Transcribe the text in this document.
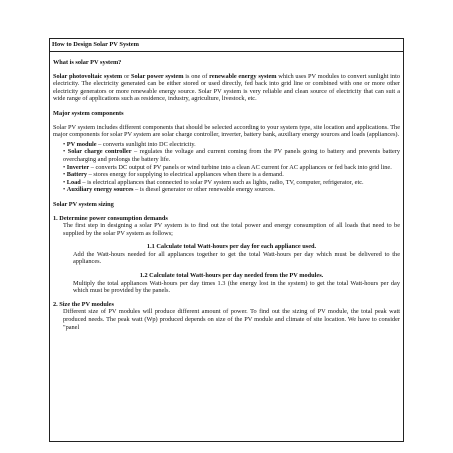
How to Design Solar PV System
What is solar PV system?
Solar photovoltaic system or Solar power system is one of renewable energy system which uses PV modules to convert sunlight into electricity. The electricity generated can be either stored or used directly, fed back into grid line or combined with one or more other electricity generators or more renewable energy source. Solar PV system is very reliable and clean source of electricity that can suit a wide range of applications such as residence, industry, agriculture, livestock, etc.
Major system components
Solar PV system includes different components that should be selected according to your system type, site location and applications. The major components for solar PV system are solar charge controller, inverter, battery bank, auxiliary energy sources and loads (appliances).
• PV module – converts sunlight into DC electricity.
• Solar charge controller – regulates the voltage and current coming from the PV panels going to battery and prevents battery overcharging and prolongs the battery life.
• Inverter – converts DC output of PV panels or wind turbine into a clean AC current for AC appliances or fed back into grid line.
• Battery – stores energy for supplying to electrical appliances when there is a demand.
• Load – is electrical appliances that connected to solar PV system such as lights, radio, TV, computer, refrigerator, etc.
• Auxiliary energy sources – is diesel generator or other renewable energy sources.
Solar PV system sizing
1. Determine power consumption demands
The first step in designing a solar PV system is to find out the total power and energy consumption of all loads that need to be supplied by the solar PV system as follows;
1.1 Calculate total Watt-hours per day for each appliance used.
Add the Watt-hours needed for all appliances together to get the total Watt-hours per day which must be delivered to the appliances.
1.2 Calculate total Watt-hours per day needed from the PV modules.
Multiply the total appliances Watt-hours per day times 1.3 (the energy lost in the system) to get the total Watt-hours per day which must be provided by the panels.
2. Size the PV modules
Different size of PV modules will produce different amount of power. To find out the sizing of PV module, the total peak watt produced needs. The peak watt (Wp) produced depends on size of the PV module and climate of site location. We have to consider "panel
